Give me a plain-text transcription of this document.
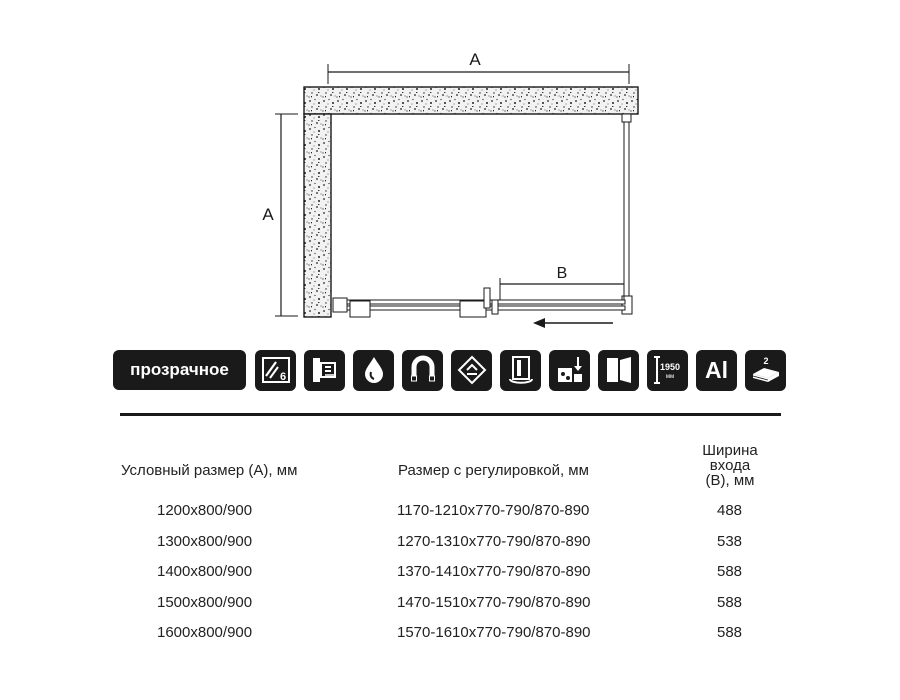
A
A
B
прозрачное	6
1950
мм Al	2
Условный размер (А), мм	Размер с регулировкой, мм
Ширина
входа
(В), мм
1200x800/900	1170-1210x770-790/870-890	488
1300x800/900	1270-1310x770-790/870-890	538
1400x800/900	1370-1410x770-790/870-890	588
1500x800/900	1470-1510x770-790/870-890	588
1600x800/900	1570-1610x770-790/870-890	588
